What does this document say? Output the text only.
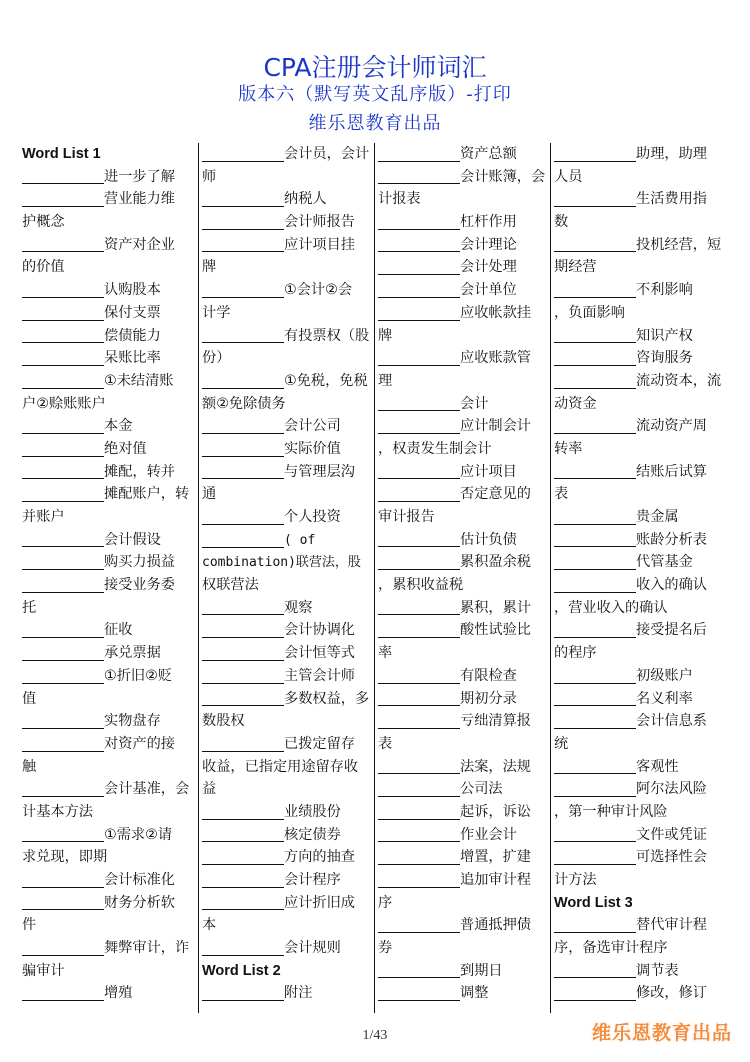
CPA注册会计师词汇
版本六（默写英文乱序版）-打印
维乐恩教育出品
Word List 1
进一步了解
营业能力维
护概念
资产对企业
的价值
认购股本
保付支票
偿债能力
呆账比率
①未结清账
户②赊账账户
本金
绝对值
摊配，转并
摊配账户，转
并账户
会计假设
购买力损益
接受业务委
托
征收
承兑票据
①折旧②贬
值
实物盘存
对资产的接
触
会计基准，会
计基本方法
①需求②请
求兑现，即期
会计标准化
财务分析软
件
舞弊审计，诈
骗审计
增殖
会计员，会计
师
纳税人
会计师报告
应计项目挂
牌
①会计②会
计学
有投票权（股
份）
①免税，免税
额②免除债务
会计公司
实际价值
与管理层沟
通
个人投资
( of
combination)联营法，股
权联营法
观察
会计协调化
会计恒等式
主管会计师
多数权益，多
数股权
已拨定留存
收益，已指定用途留存收
益
业绩股份
核定债券
方向的抽查
会计程序
应计折旧成
本
会计规则
Word List 2
附注
资产总额
会计账簿，会
计报表
杠杆作用
会计理论
会计处理
会计单位
应收帐款挂
牌
应收账款管
理
会计
应计制会计
，权责发生制会计
应计项目
否定意见的
审计报告
估计负债
累积盈余税
，累积收益税
累积，累计
酸性试验比
率
有限检查
期初分录
亏绌清算报
表
法案，法规
公司法
起诉，诉讼
作业会计
增置，扩建
追加审计程
序
普通抵押债
券
到期日
调整
助理，助理
人员
生活费用指
数
投机经营，短
期经营
不利影响
，负面影响
知识产权
咨询服务
流动资本，流
动资金
流动资产周
转率
结账后试算
表
贵金属
账龄分析表
代管基金
收入的确认
，营业收入的确认
接受提名后
的程序
初级账户
名义利率
会计信息系
统
客观性
阿尔法风险
，第一种审计风险
文件或凭证
可选择性会
计方法
Word List 3
替代审计程
序，备选审计程序
调节表
修改，修订
1/43	维乐恩教育出品
